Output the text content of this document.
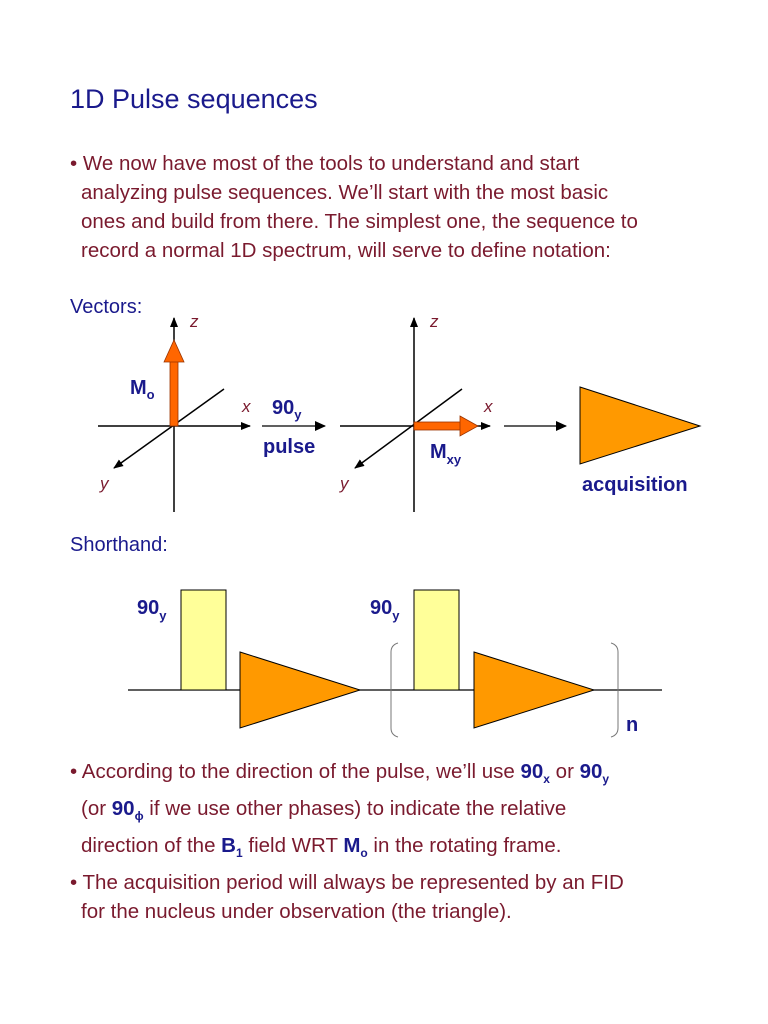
1D Pulse sequences
• We now have most of the tools to understand and start
analyzing pulse sequences. We’ll start with the most basic
ones and build from there. The simplest one, the sequence to
record a normal 1D spectrum, will serve to define notation:
Vectors:
Shorthand:
z
x
y
$M_o$
$90_y$
pulse
z
x
y
$M_{xy}$
acquisition
$90_y$	$90_y$
n
• According to the direction of the pulse, we’ll use $90_x$ or $90_y$
(or $90_\phi$ if we use other phases) to indicate the relative
direction of the $B_1$ field WRT $M_o$ in the rotating frame.
• The acquisition period will always be represented by an FID
for the nucleus under observation (the triangle).
